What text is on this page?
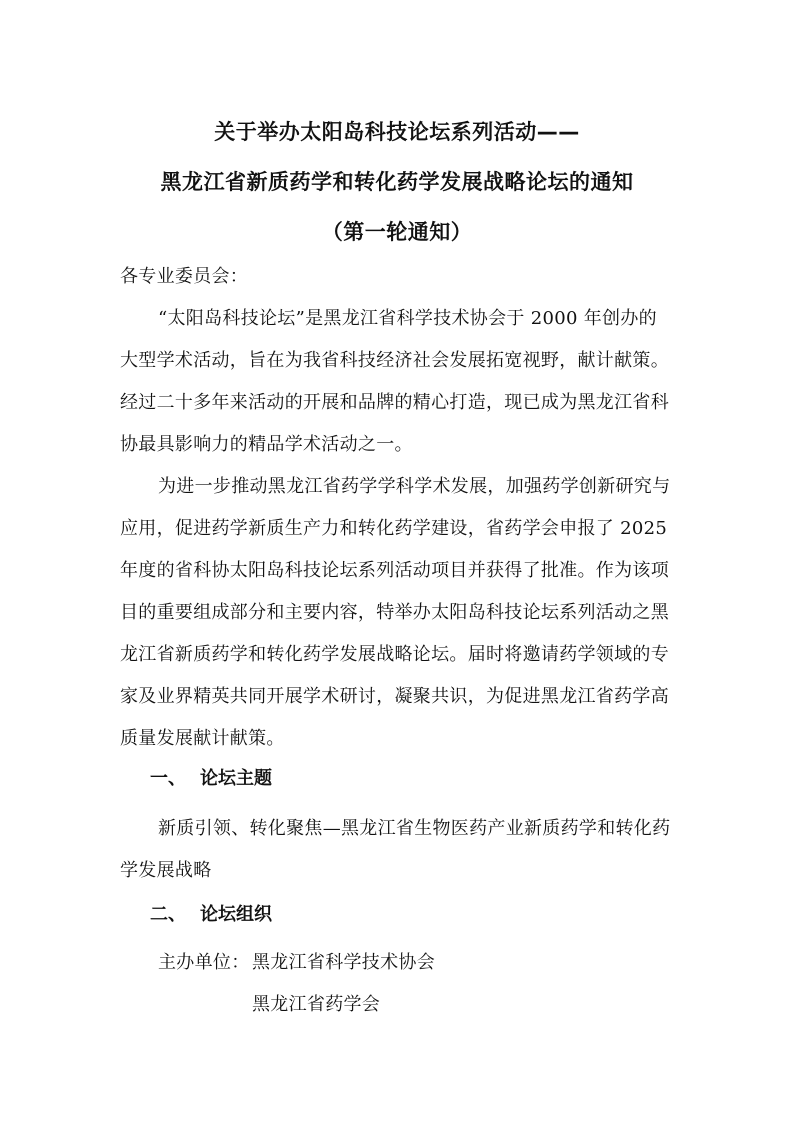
关于举办太阳岛科技论坛系列活动——
黑龙江省新质药学和转化药学发展战略论坛的通知
（第一轮通知）
各专业委员会：
“太阳岛科技论坛”是黑龙江省科学技术协会于 2000 年创办的
大型学术活动，旨在为我省科技经济社会发展拓宽视野，献计献策。
经过二十多年来活动的开展和品牌的精心打造，现已成为黑龙江省科
协最具影响力的精品学术活动之一。
为进一步推动黑龙江省药学学科学术发展，加强药学创新研究与
应用，促进药学新质生产力和转化药学建设，省药学会申报了 2025
年度的省科协太阳岛科技论坛系列活动项目并获得了批准。作为该项
目的重要组成部分和主要内容，特举办太阳岛科技论坛系列活动之黑
龙江省新质药学和转化药学发展战略论坛。届时将邀请药学领域的专
家及业界精英共同开展学术研讨，凝聚共识，为促进黑龙江省药学高
质量发展献计献策。
一、 论坛主题
新质引领、转化聚焦—黑龙江省生物医药产业新质药学和转化药
学发展战略
二、 论坛组织
主办单位： 黑龙江省科学技术协会
黑龙江省药学会
